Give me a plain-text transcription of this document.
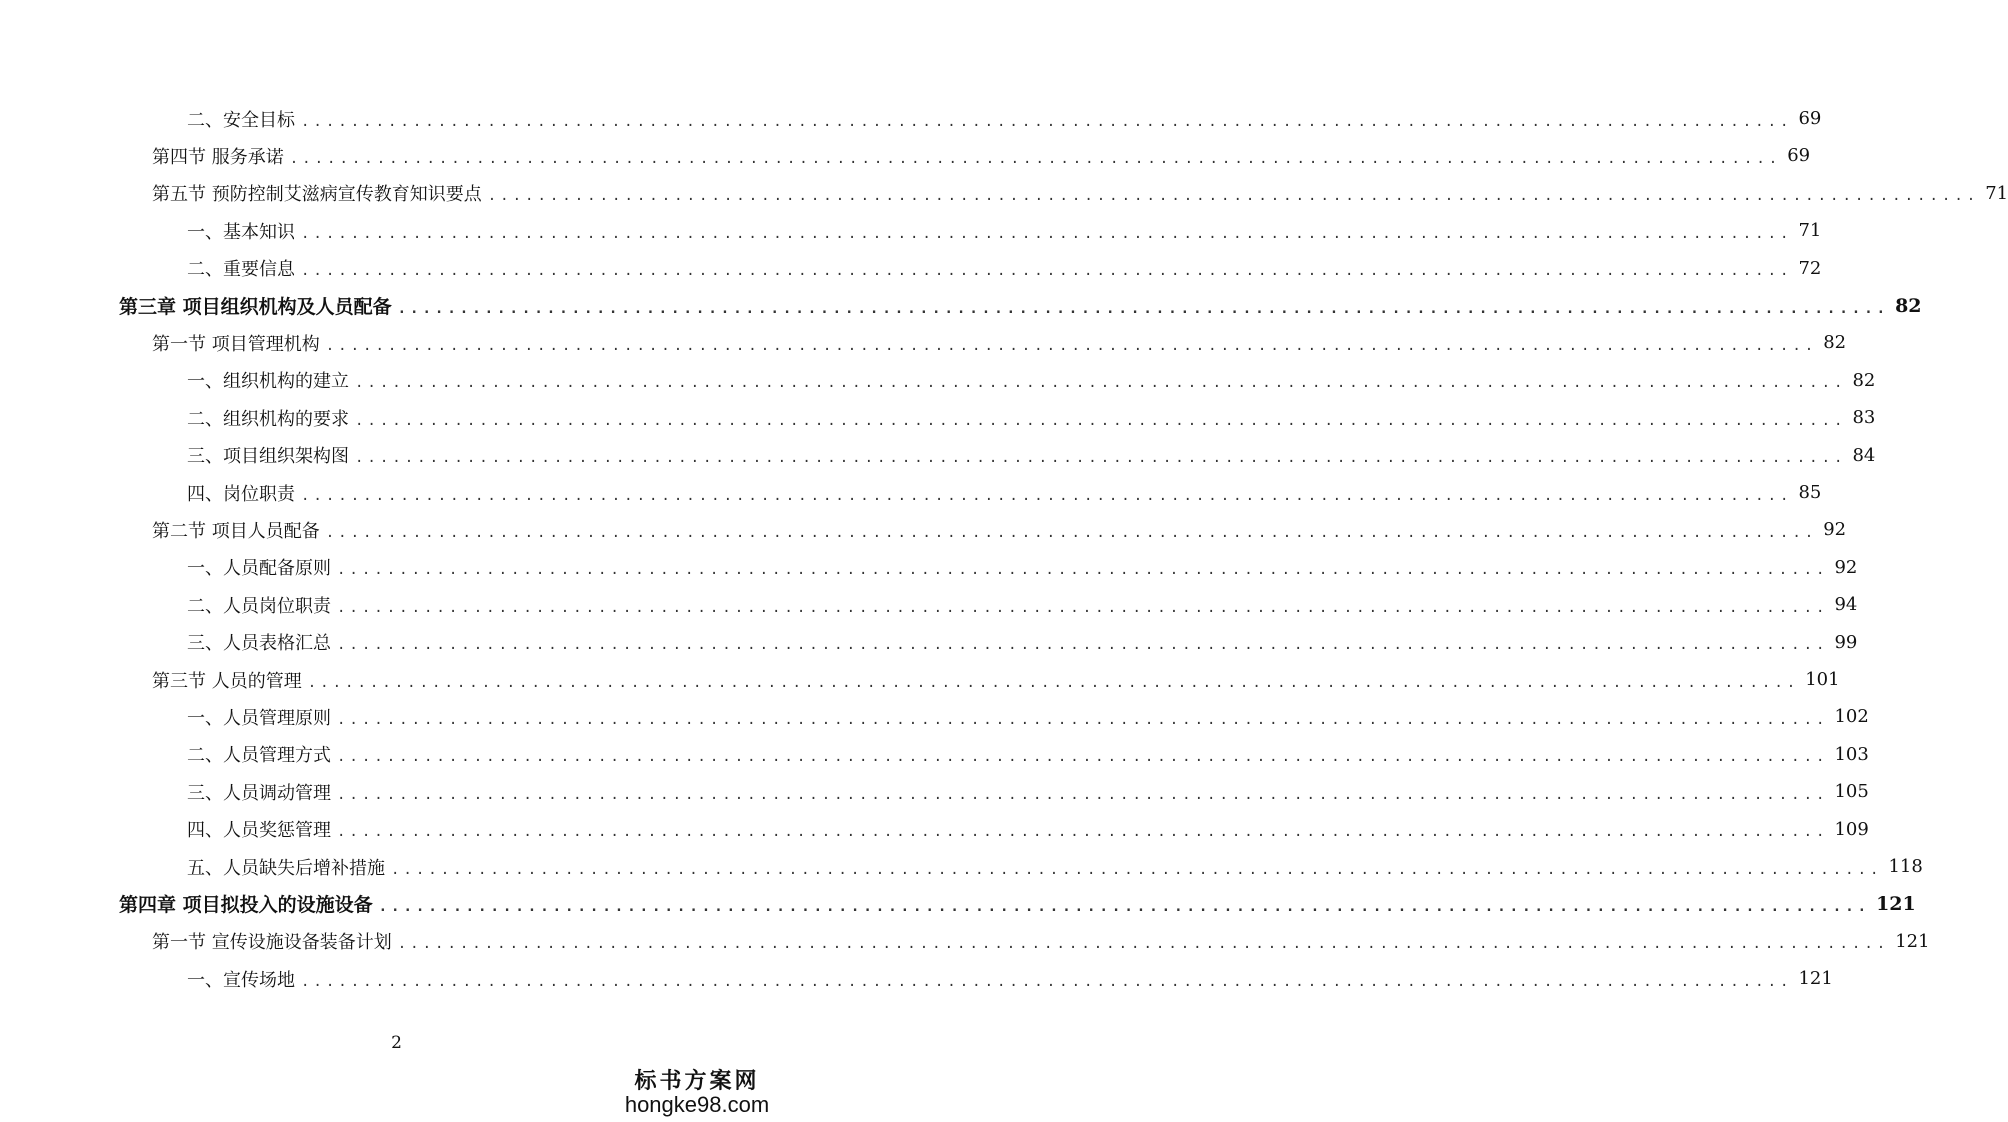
二、安全目标 ........................................................................................................................ 69
第四节 服务承诺 ........................................................................................................................ 69
第五节 预防控制艾滋病宣传教育知识要点 ........................................................................................................................ 71
一、基本知识 ........................................................................................................................ 71
二、重要信息 ........................................................................................................................ 72
第三章 项目组织机构及人员配备 ........................................................................................................................ 82
第一节 项目管理机构 ........................................................................................................................ 82
一、组织机构的建立 ........................................................................................................................ 82
二、组织机构的要求 ........................................................................................................................ 83
三、项目组织架构图 ........................................................................................................................ 84
四、岗位职责 ........................................................................................................................ 85
第二节 项目人员配备 ........................................................................................................................ 92
一、人员配备原则 ........................................................................................................................ 92
二、人员岗位职责 ........................................................................................................................ 94
三、人员表格汇总 ........................................................................................................................ 99
第三节 人员的管理 ........................................................................................................................ 101
一、人员管理原则 ........................................................................................................................ 102
二、人员管理方式 ........................................................................................................................ 103
三、人员调动管理 ........................................................................................................................ 105
四、人员奖惩管理 ........................................................................................................................ 109
五、人员缺失后增补措施 ........................................................................................................................ 118
第四章 项目拟投入的设施设备 ........................................................................................................................ 121
第一节 宣传设施设备装备计划 ........................................................................................................................ 121
一、宣传场地 ........................................................................................................................ 121
2
标书方案网
hongke98.com
